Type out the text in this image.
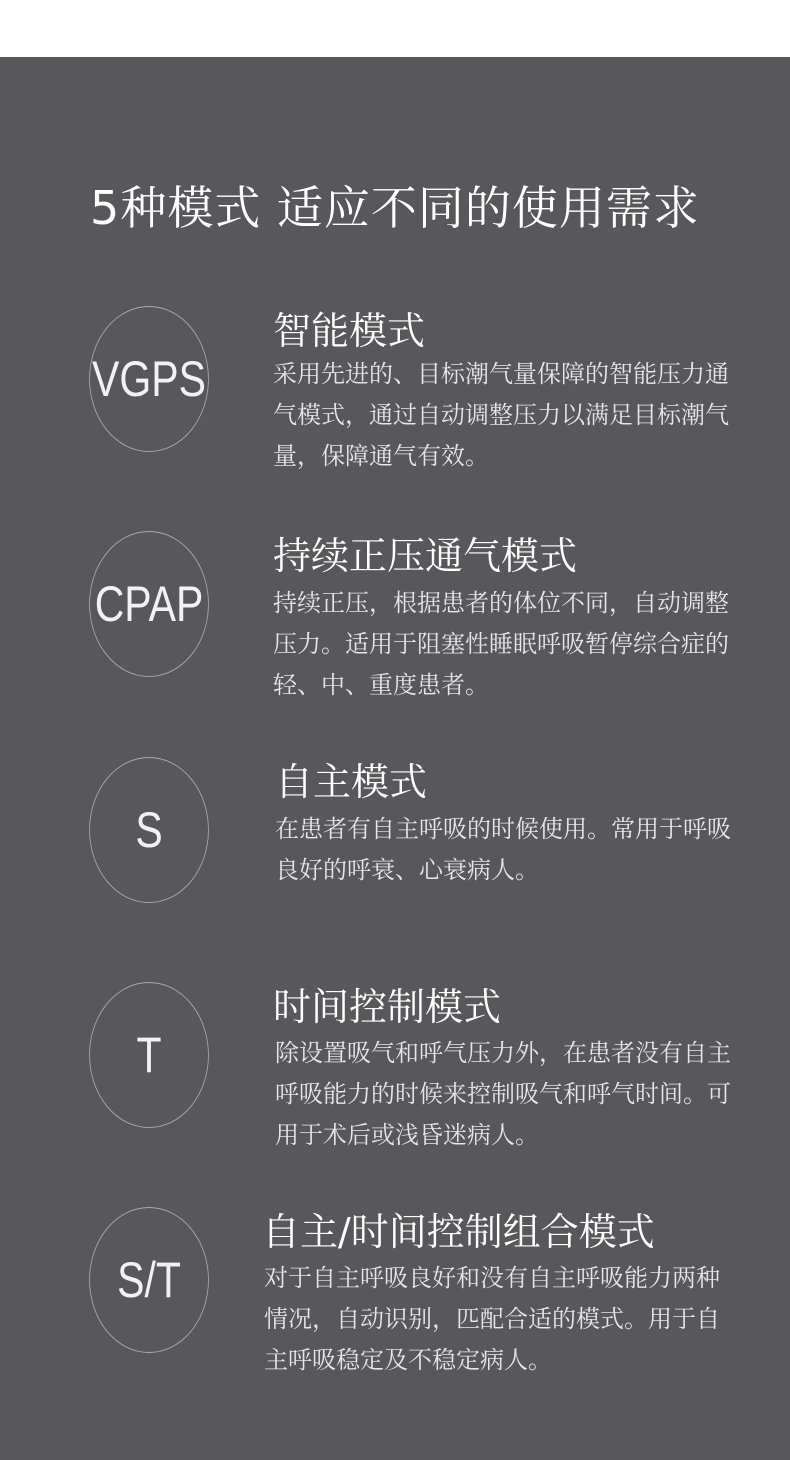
5种模式 适应不同的使用需求
VGPS
智能模式

采用先进的、目标潮气量保障的智能压力通气模式，通过自动调整压力以满足目标潮气量，保障通气有效。

CPAP
持续正压通气模式

持续正压，根据患者的体位不同，自动调整压力。适用于阻塞性睡眠呼吸暂停综合症的轻、中、重度患者。

S
自主模式

在患者有自主呼吸的时候使用。常用于呼吸良好的呼衰、心衰病人。

T
时间控制模式

除设置吸气和呼气压力外，在患者没有自主呼吸能力的时候来控制吸气和呼气时间。可用于术后或浅昏迷病人。

S/T
自主/时间控制组合模式

对于自主呼吸良好和没有自主呼吸能力两种情况，自动识别，匹配合适的模式。用于自主呼吸稳定及不稳定病人。
